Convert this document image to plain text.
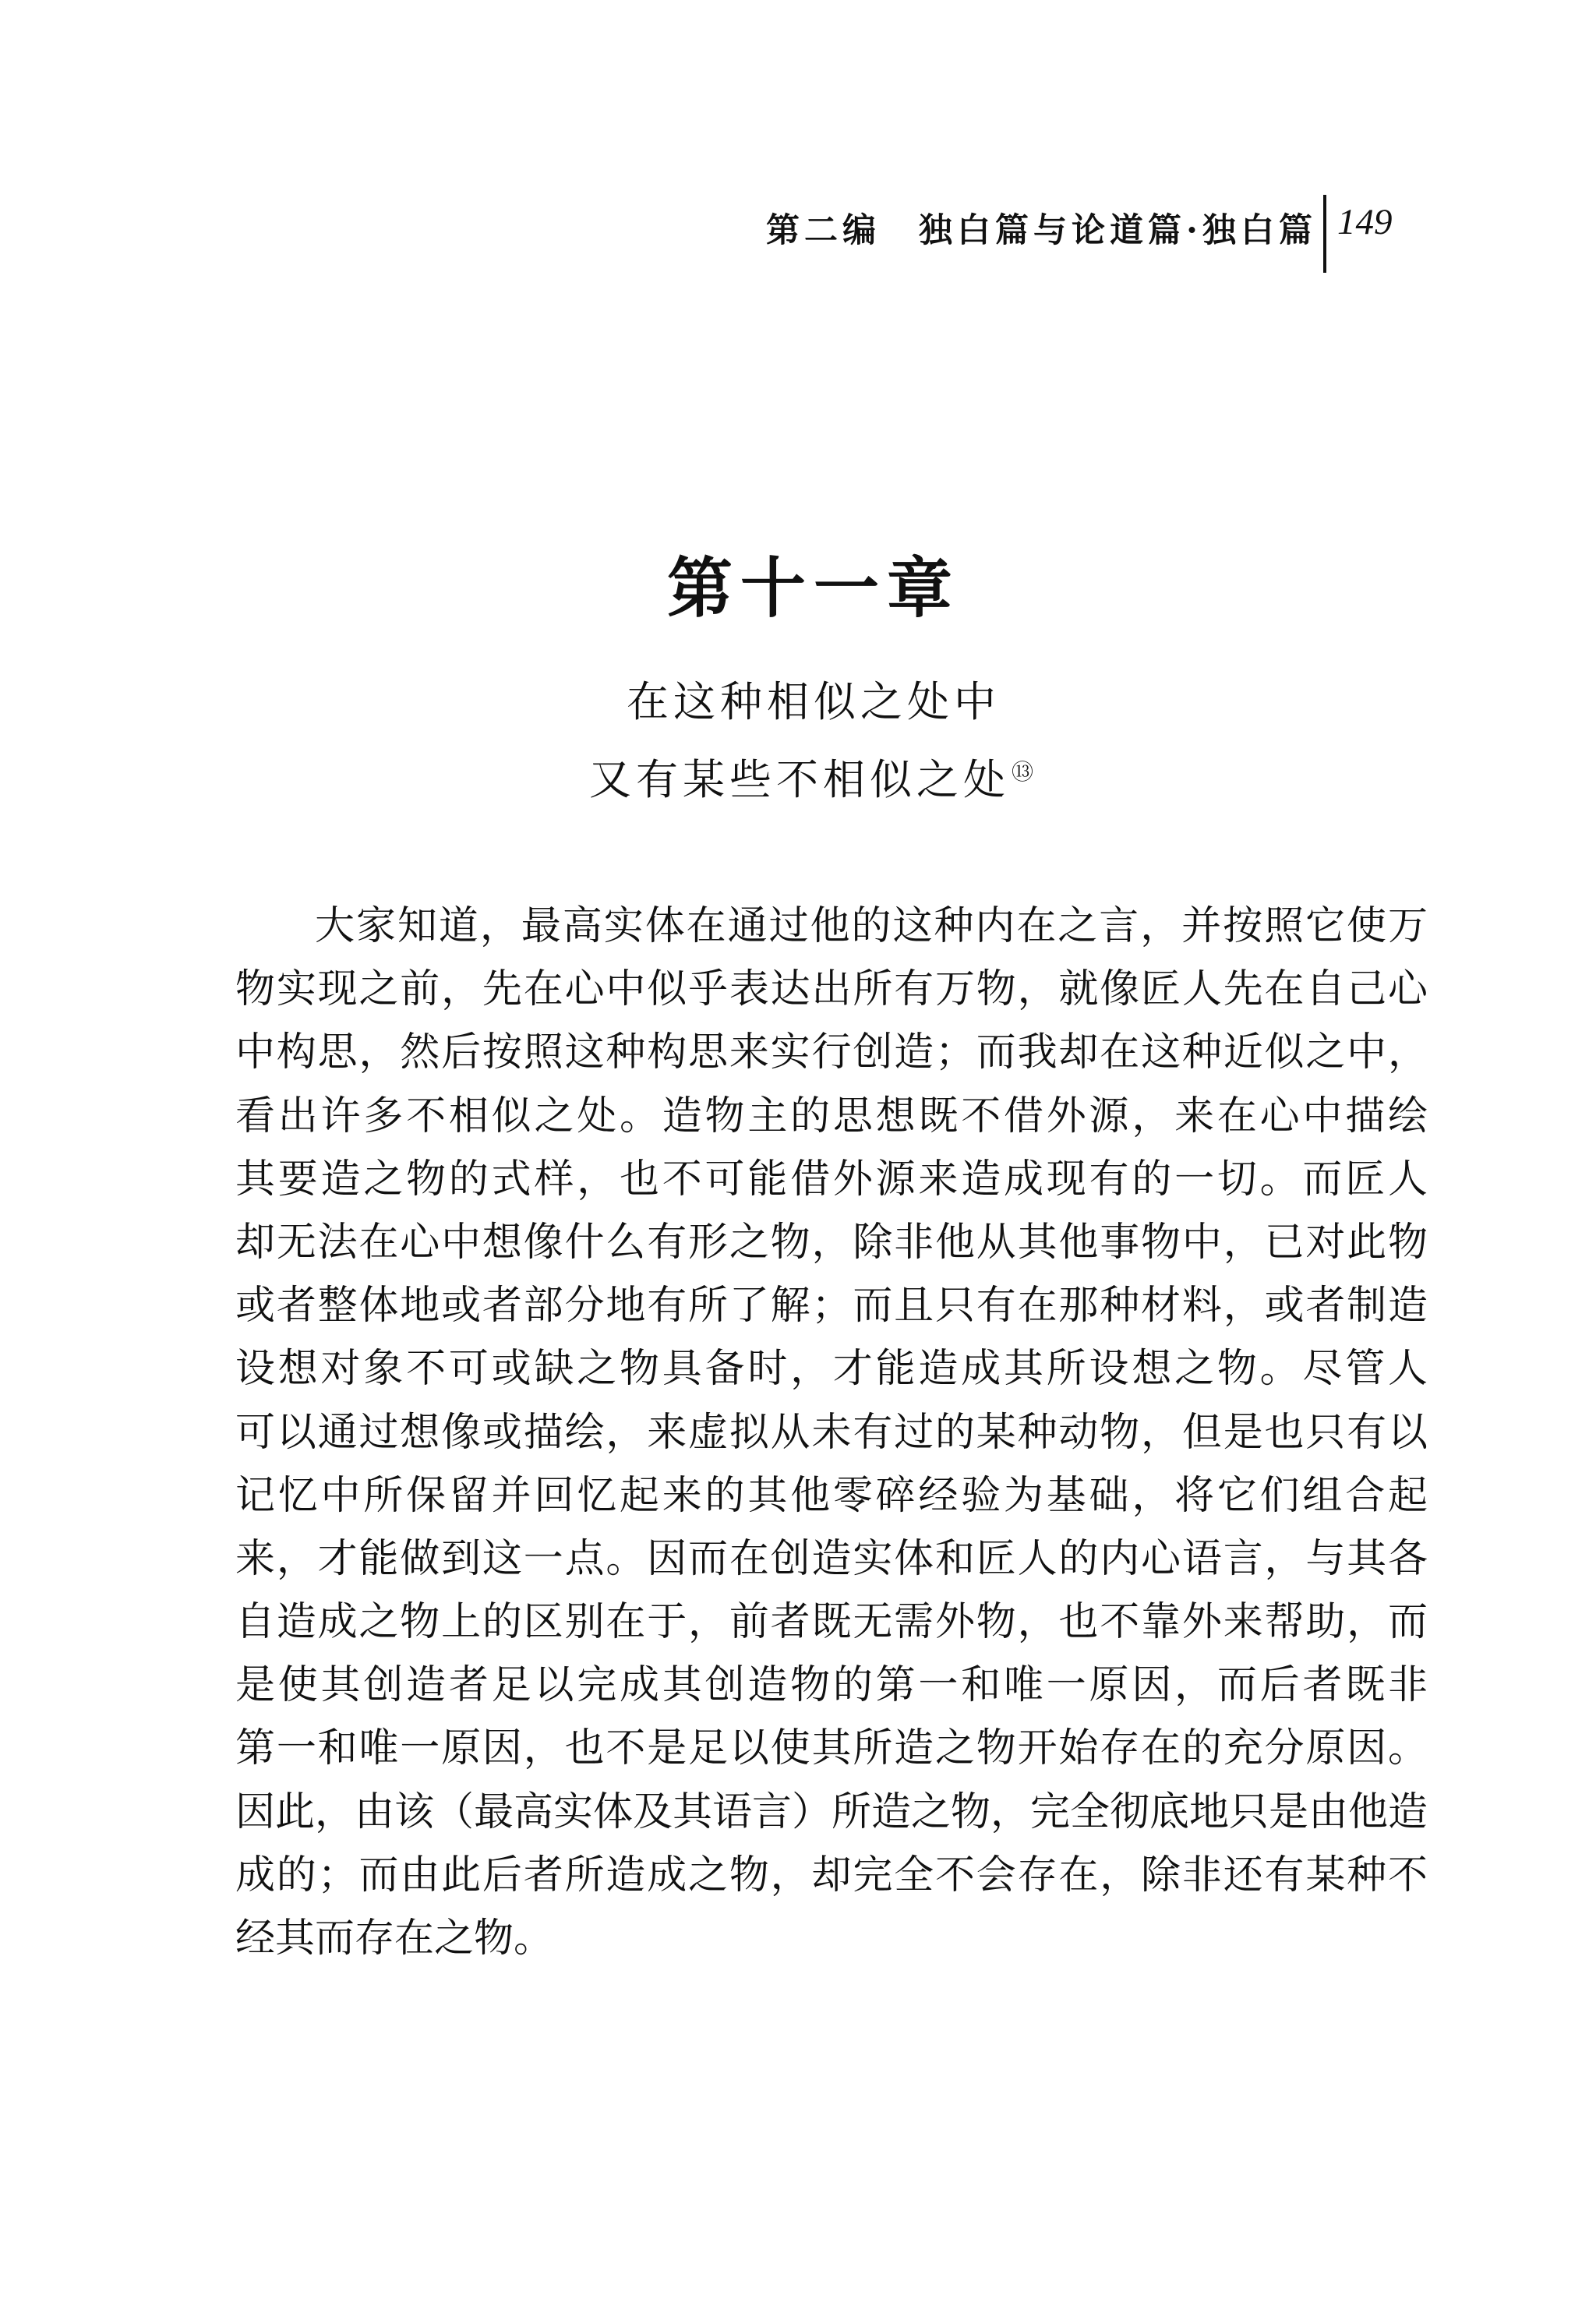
第二编　独白篇与论道篇·独白篇 149
第十一章
在这种相似之处中
又有某些不相似之处⑬
大家知道，最高实体在通过他的这种内在之言，并按照它使万
物实现之前，先在心中似乎表达出所有万物，就像匠人先在自己心
中构思，然后按照这种构思来实行创造；而我却在这种近似之中，
看出许多不相似之处。造物主的思想既不借外源，来在心中描绘
其要造之物的式样，也不可能借外源来造成现有的一切。而匠人
却无法在心中想像什么有形之物，除非他从其他事物中，已对此物
或者整体地或者部分地有所了解；而且只有在那种材料，或者制造
设想对象不可或缺之物具备时，才能造成其所设想之物。尽管人
可以通过想像或描绘，来虚拟从未有过的某种动物，但是也只有以
记忆中所保留并回忆起来的其他零碎经验为基础，将它们组合起
来，才能做到这一点。因而在创造实体和匠人的内心语言，与其各
自造成之物上的区别在于，前者既无需外物，也不靠外来帮助，而
是使其创造者足以完成其创造物的第一和唯一原因，而后者既非
第一和唯一原因，也不是足以使其所造之物开始存在的充分原因。
因此，由该（最高实体及其语言）所造之物，完全彻底地只是由他造
成的；而由此后者所造成之物，却完全不会存在，除非还有某种不
经其而存在之物。
